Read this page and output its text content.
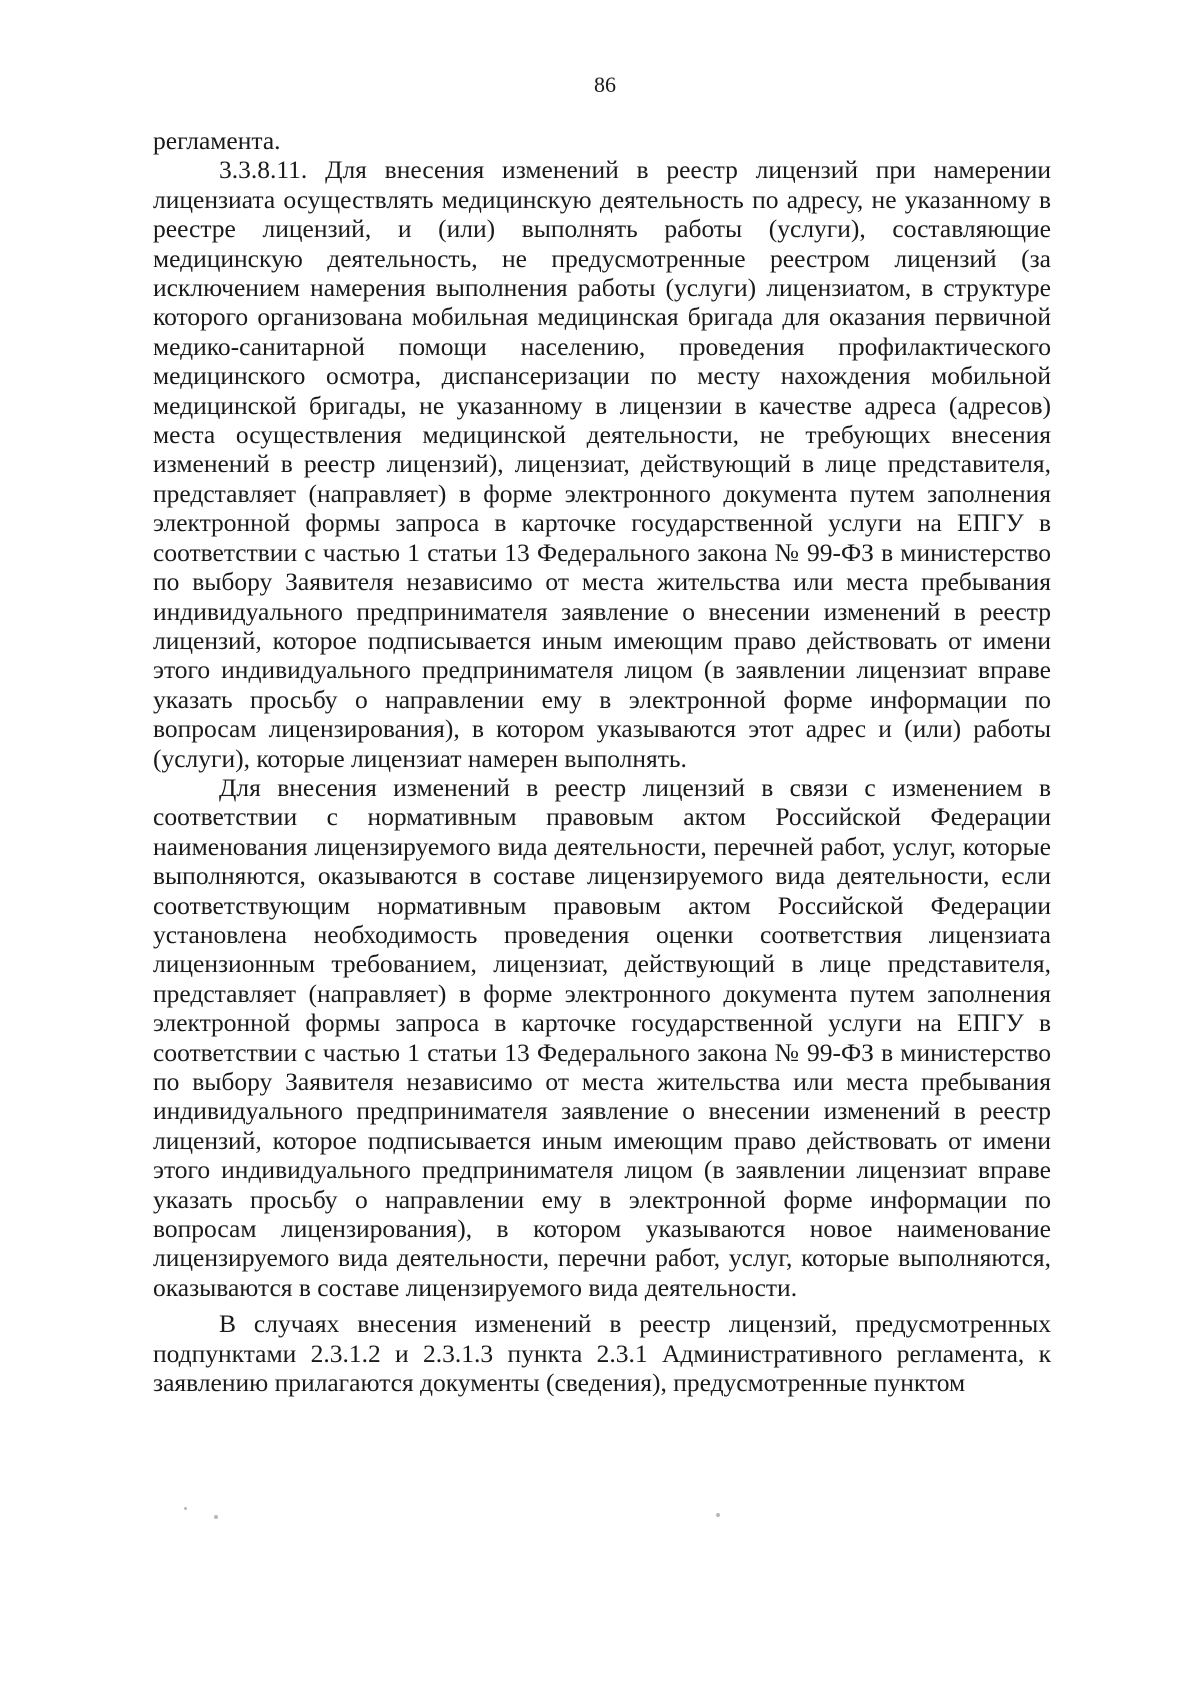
86

регламента.

3.3.8.11. Для внесения изменений в реестр лицензий при намерении лицензиата осуществлять медицинскую деятельность по адресу, не указанному в реестре лицензий, и (или) выполнять работы (услуги), составляющие медицинскую деятельность, не предусмотренные реестром лицензий (за исключением намерения выполнения работы (услуги) лицензиатом, в структуре которого организована мобильная медицинская бригада для оказания первичной медико-санитарной помощи населению, проведения профилактического медицинского осмотра, диспансеризации по месту нахождения мобильной медицинской бригады, не указанному в лицензии в качестве адреса (адресов) места осуществления медицинской деятельности, не требующих внесения изменений в реестр лицензий), лицензиат, действующий в лице представителя, представляет (направляет) в форме электронного документа путем заполнения электронной формы запроса в карточке государственной услуги на ЕПГУ в соответствии с частью 1 статьи 13 Федерального закона № 99-ФЗ в министерство по выбору Заявителя независимо от места жительства или места пребывания индивидуального предпринимателя заявление о внесении изменений в реестр лицензий, которое подписывается иным имеющим право действовать от имени этого индивидуального предпринимателя лицом (в заявлении лицензиат вправе указать просьбу о направлении ему в электронной форме информации по вопросам лицензирования), в котором указываются этот адрес и (или) работы (услуги), которые лицензиат намерен выполнять.

Для внесения изменений в реестр лицензий в связи с изменением в соответствии с нормативным правовым актом Российской Федерации наименования лицензируемого вида деятельности, перечней работ, услуг, которые выполняются, оказываются в составе лицензируемого вида деятельности, если соответствующим нормативным правовым актом Российской Федерации установлена необходимость проведения оценки соответствия лицензиата лицензионным требованием, лицензиат, действующий в лице представителя, представляет (направляет) в форме электронного документа путем заполнения электронной формы запроса в карточке государственной услуги на ЕПГУ в соответствии с частью 1 статьи 13 Федерального закона № 99-ФЗ в министерство по выбору Заявителя независимо от места жительства или места пребывания индивидуального предпринимателя заявление о внесении изменений в реестр лицензий, которое подписывается иным имеющим право действовать от имени этого индивидуального предпринимателя лицом (в заявлении лицензиат вправе указать просьбу о направлении ему в электронной форме информации по вопросам лицензирования), в котором указываются новое наименование лицензируемого вида деятельности, перечни работ, услуг, которые выполняются, оказываются в составе лицензируемого вида деятельности.

В случаях внесения изменений в реестр лицензий, предусмотренных подпунктами 2.3.1.2 и 2.3.1.3 пункта 2.3.1 Административного регламента, к заявлению прилагаются документы (сведения), предусмотренные пунктом
